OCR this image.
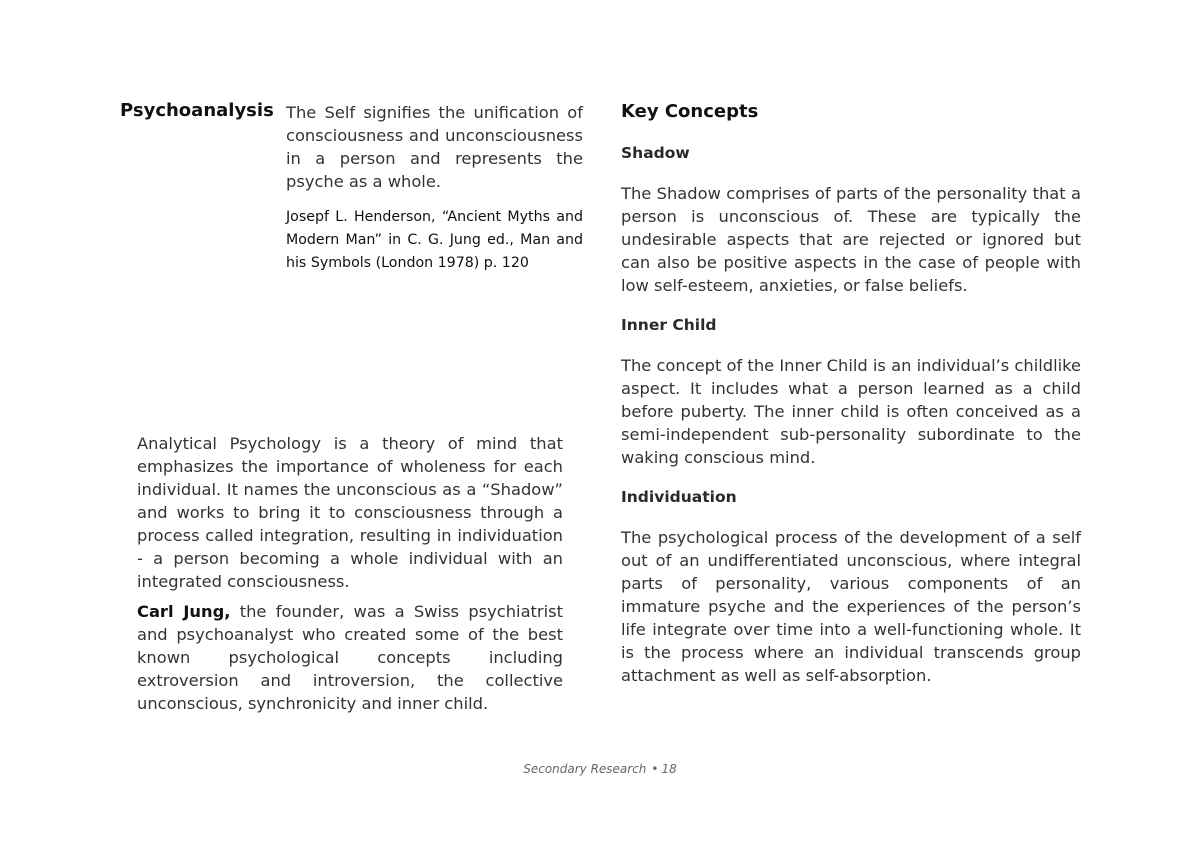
Psychoanalysis The Self signifies the unification of consciousness and unconsciousness in a person and represents the psyche as a whole.

Josepf L. Henderson, “Ancient Myths and Modern Man” in C. G. Jung ed., Man and his Symbols (London 1978) p. 120

Analytical Psychology is a theory of mind that emphasizes the importance of wholeness for each individual. It names the unconscious as a “Shadow” and works to bring it to consciousness through a process called integration, resulting in individuation - a person becoming a whole individual with an integrated consciousness.

Carl Jung, the founder, was a Swiss psychiatrist and psychoanalyst who created some of the best known psychological concepts including extroversion and introversion, the collective unconscious, synchronicity and inner child.

Key Concepts
Shadow

The Shadow comprises of parts of the personality that a person is unconscious of. These are typically the undesirable aspects that are rejected or ignored but can also be positive aspects in the case of people with low self-esteem, anxieties, or false beliefs.

Inner Child

The concept of the Inner Child is an individual’s childlike aspect. It includes what a person learned as a child before puberty. The inner child is often conceived as a semi-independent sub-personality subordinate to the waking conscious mind.

Individuation

The psychological process of the development of a self out of an undifferentiated unconscious, where integral parts of personality, various components of an immature psyche and the experiences of the person’s life integrate over time into a well-functioning whole. It is the process where an individual transcends group attachment as well as self-absorption.

Secondary Research • 18
